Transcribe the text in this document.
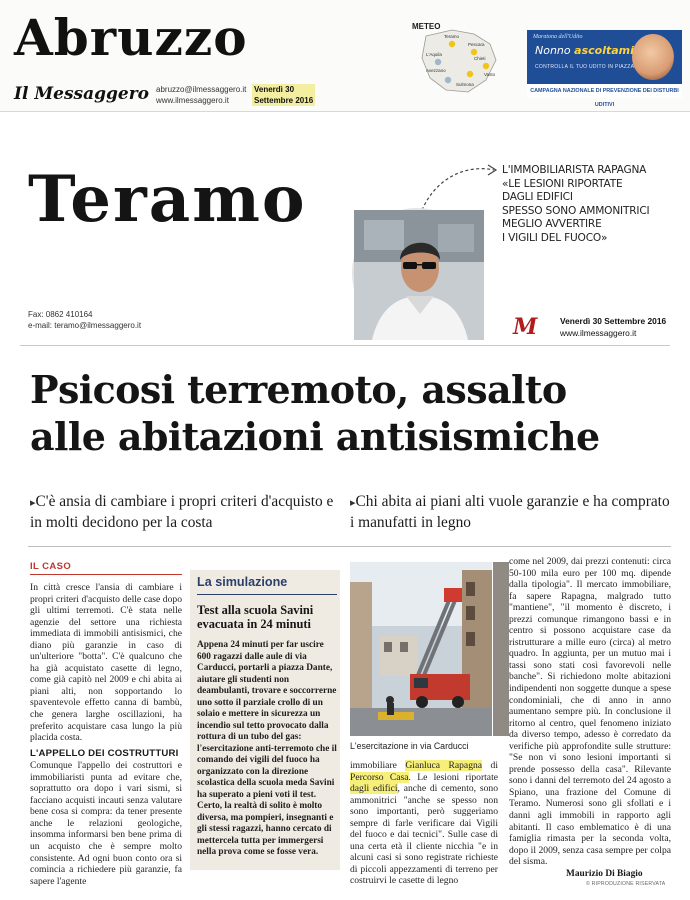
Abruzzo
Il Messaggero abruzzo@ilmessaggero.it
www.ilmessaggero.it
Venerdì 30
Settembre 2016
METEO
Teramo
Pescara
L'Aquila
Chieti
Vasto
Avezzano
Sulmona
Maratona dell'Udito
Nonno ascoltami
CONTROLLA IL TUO UDITO IN PIAZZA
CAMPAGNA NAZIONALE DI PREVENZIONE DEI DISTURBI UDITIVI
Teramo	L'IMMOBILIARISTA RAPAGNA
«LE LESIONI RIPORTATE
DAGLI EDIFICI
SPESSO SONO AMMONITRICI
MEGLIO AVVERTIRE
I VIGILI DEL FUOCO»
Fax: 0862 410164
e-mail: teramo@ilmessaggero.it	M	Venerdì 30 Settembre 2016
www.ilmessaggero.it
Psicosi terremoto, assalto
alle abitazioni antisismiche
▸C'è ansia di cambiare i propri criteri d'acquisto e in molti decidono per la costa
▸Chi abita ai piani alti vuole garanzie e ha comprato i manufatti in legno
IL CASO
In città cresce l'ansia di cambiare i propri criteri d'acquisto delle case dopo gli ultimi terremoti. C'è stata nelle agenzie del settore una richiesta immediata di immobili antisismici, che diano più garanzie in caso di un'ulteriore "botta". C'è qualcuno che ha già acquistato casette di legno, come già capitò nel 2009 e chi abita ai piani alti, non sopportando lo spaventevole effetto canna di bambù, che genera larghe oscillazioni, ha preferito acquistare casa lungo la più placida costa.
L'APPELLO DEI COSTRUTTURI
Comunque l'appello dei costruttori e immobiliaristi punta ad evitare che, soprattutto ora dopo i vari sismi, si facciano acquisti incauti senza valutare bene cosa si compra: da tener presente anche le relazioni geologiche, insomma informarsi ben bene prima di un acquisto che è sempre molto consistente. Ad ogni buon conto ora si comincia a richiedere più garanzie, fa sapere l'agente
La simulazione
Test alla scuola Savini evacuata in 24 minuti
Appena 24 minuti per far uscire 600 ragazzi dalle aule di via Carducci, portarli a piazza Dante, aiutare gli studenti non deambulanti, trovare e soccorrerne uno sotto il parziale crollo di un solaio e mettere in sicurezza un incendio sul tetto provocato dalla rottura di un tubo del gas: l'esercitazione anti-terremoto che il comando dei vigili del fuoco ha organizzato con la direzione scolastica della scuola meda Savini ha superato a pieni voti il test. Certo, la realtà di solito è molto diversa, ma pompieri, insegnanti e gli stessi ragazzi, hanno cercato di mettercela tutta per immergersi nella prova come se fosse vera.
L'esercitazione in via Carducci
immobiliare Gianluca Rapagna di Percorso Casa. Le lesioni riportate dagli edifici, anche di cemento, sono ammonitrici "anche se spesso non sono importanti, però suggeriamo sempre di farle verificare dai Vigili del fuoco e dai tecnici". Sulle case di una certa età il cliente nicchia "e in alcuni casi si sono registrate richieste di piccoli appezzamenti di terreno per costruirvi le casette di legno
come nel 2009, dai prezzi contenuti: circa 50-100 mila euro per 100 mq. dipende dalla tipologia". Il mercato immobiliare, fa sapere Rapagna, malgrado tutto "mantiene", "il momento è discreto, i prezzi comunque rimangono bassi e in centro si possono acquistare case da ristrutturare a mille euro (circa) al metro quadro. In aggiunta, per un mutuo mai i tassi sono stati così favorevoli nelle banche". Si richiedono molte abitazioni indipendenti non soggette dunque a spese condominiali, che di anno in anno aumentano sempre più. In conclusione il ritorno al centro, quel fenomeno iniziato da diverso tempo, adesso è corredato da verifiche più approfondite sulle strutture: "Se non vi sono lesioni importanti si prende possesso della casa". Rilevante sono i danni del terremoto del 24 agosto a Spiano, una frazione del Comune di Teramo. Numerosi sono gli sfollati e i danni agli immobili in rapporto agli abitanti. Il caso emblematico è di una famiglia rimasta per la seconda volta, dopo il 2009, senza casa sempre per colpa del sisma.
Maurizio Di Biagio
© RIPRODUZIONE RISERVATA
